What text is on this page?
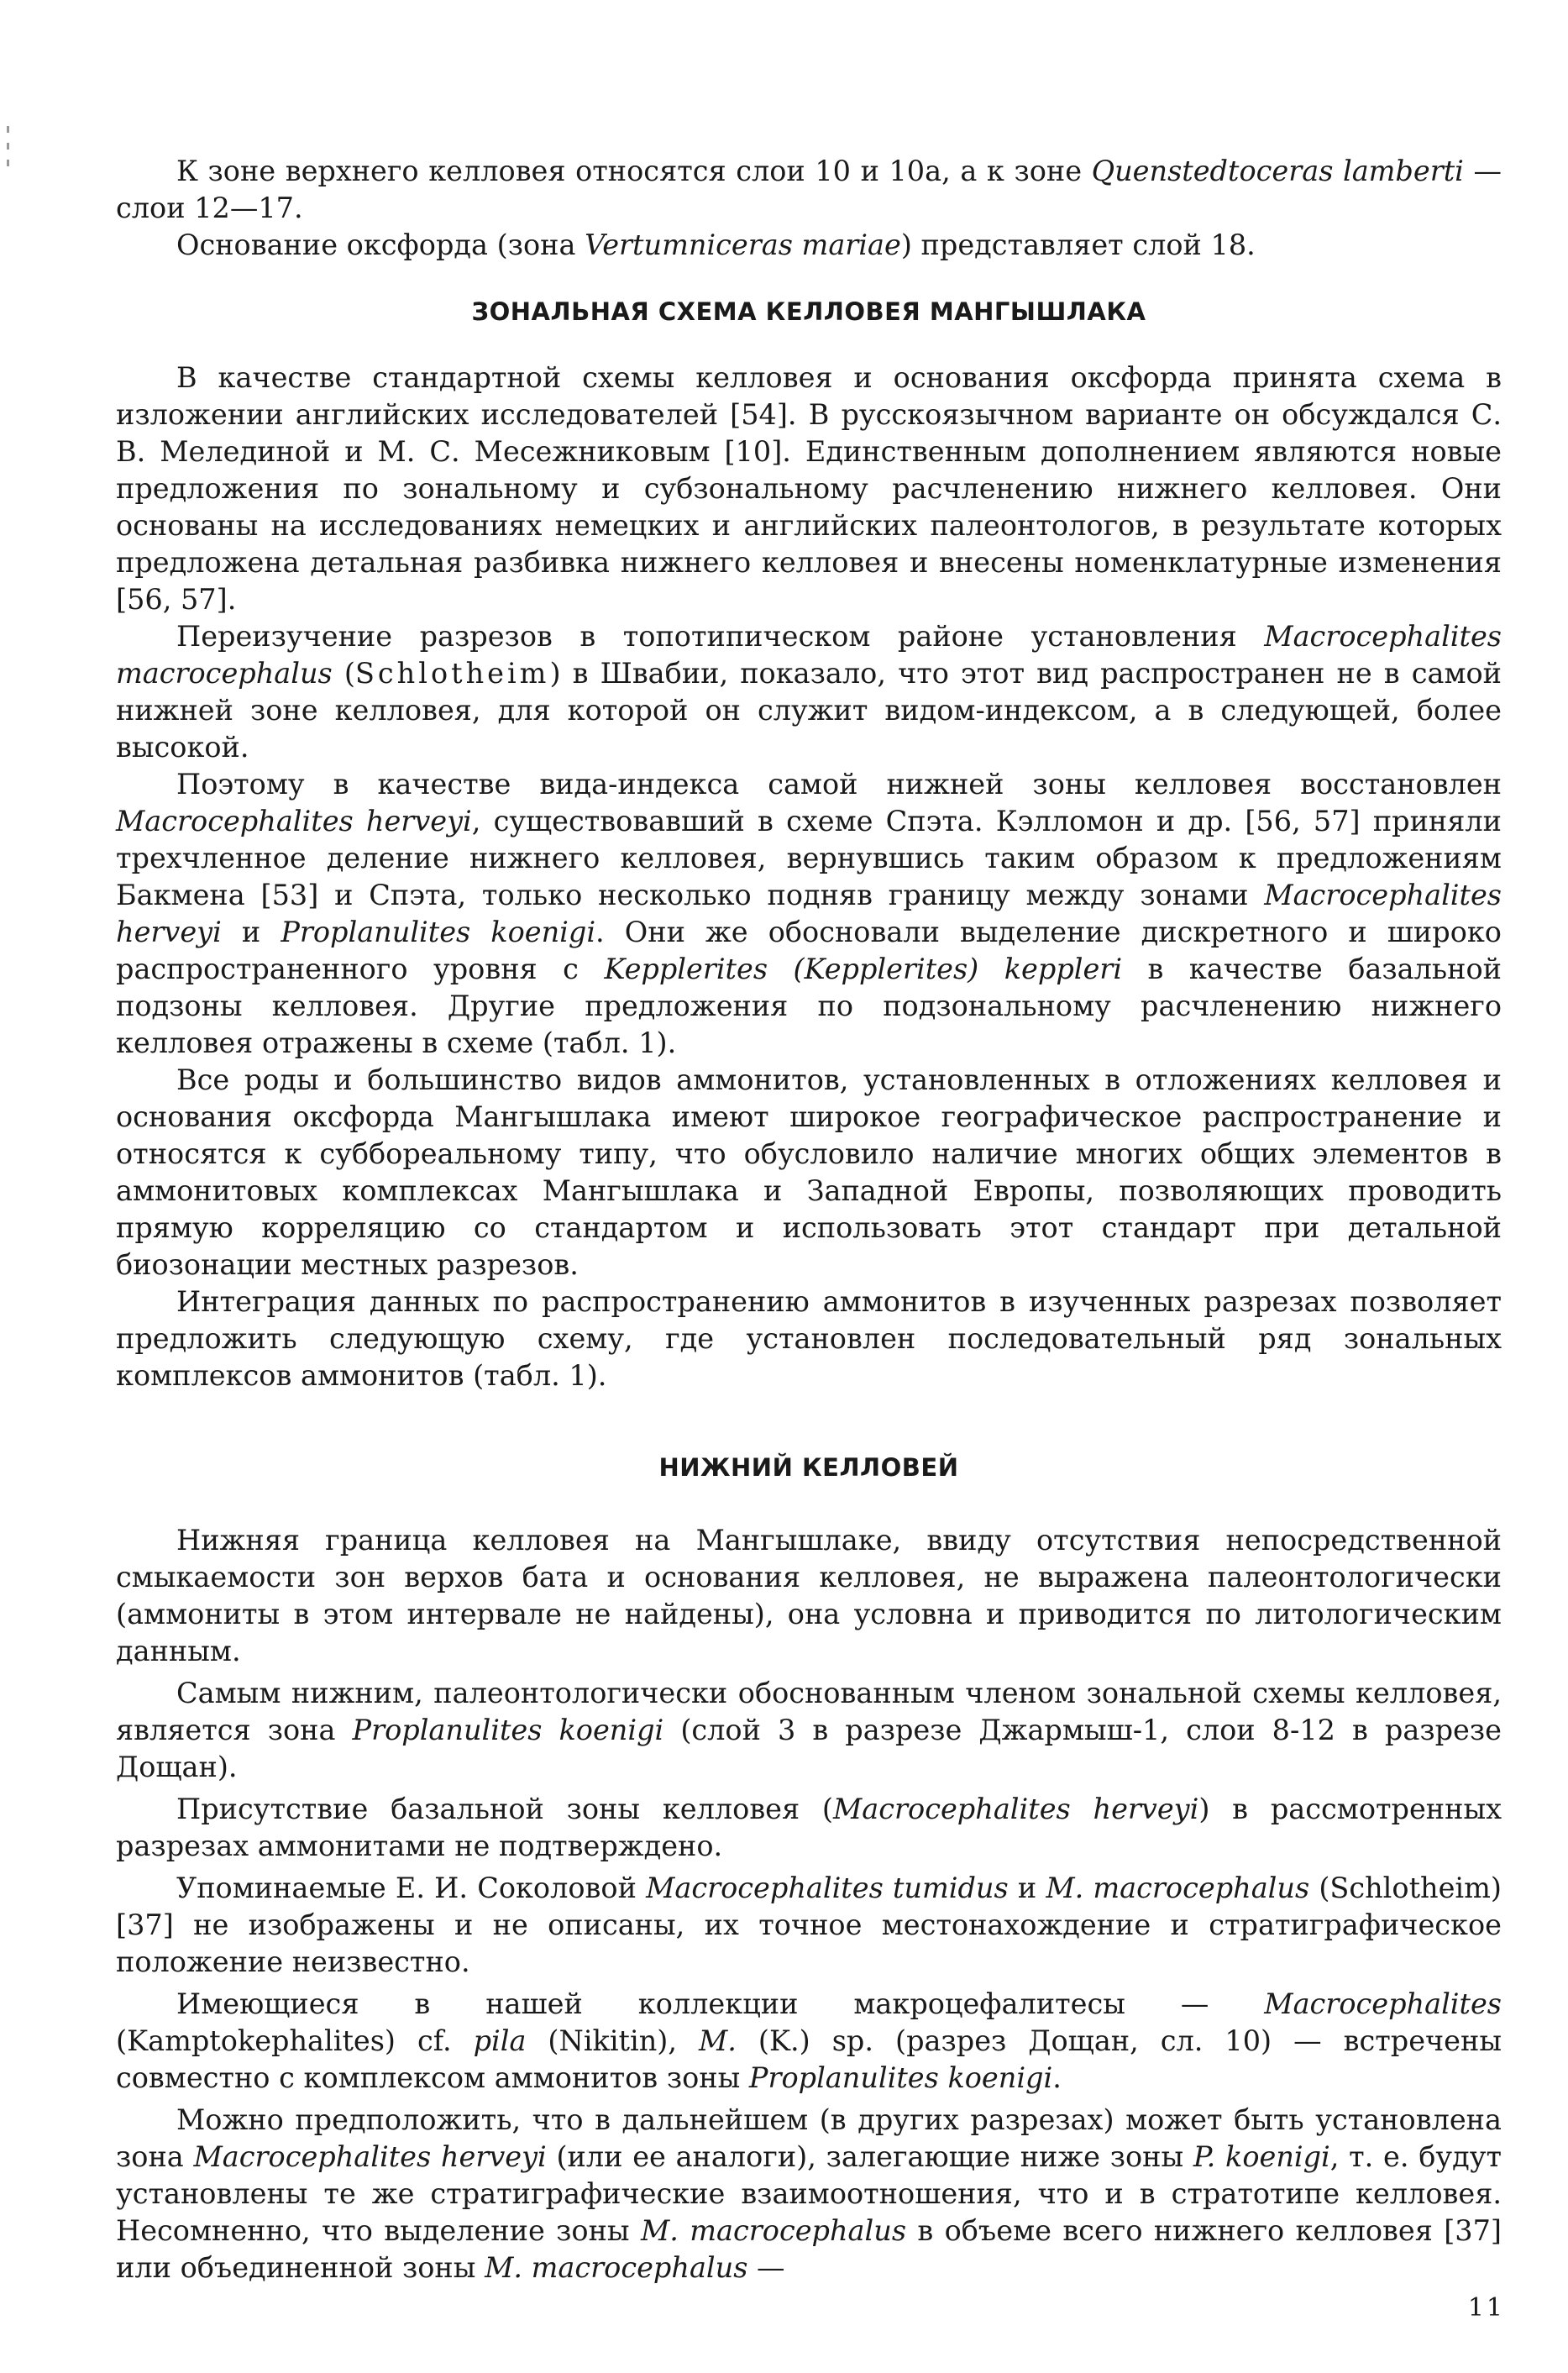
К зоне верхнего келловея относятся слои 10 и 10а, а к зоне Quenstedtoceras lamberti — слои 12—17.

Основание оксфорда (зона Vertumniceras mariae) представляет слой 18.

ЗОНАЛЬНАЯ СХЕМА КЕЛЛОВЕЯ МАНГЫШЛАКА

В качестве стандартной схемы келловея и основания оксфорда принята схема в изложении английских исследователей [54]. В русскоязычном варианте он обсуждался С. В. Мелединой и М. С. Месежниковым [10]. Единственным дополнением являются новые предложения по зональному и субзональному расчленению нижнего келловея. Они основаны на исследованиях немецких и английских палеонтологов, в результате которых предложена детальная разбивка нижнего келловея и внесены номенклатурные изменения [56, 57].

Переизучение разрезов в топотипическом районе установления Macrocephalites macrocephalus (Schlotheim) в Швабии, показало, что этот вид распространен не в самой нижней зоне келловея, для которой он служит видом-индексом, а в следующей, более высокой.

Поэтому в качестве вида-индекса самой нижней зоны келловея восстановлен Macrocephalites herveyi, существовавший в схеме Спэта. Кэлломон и др. [56, 57] приняли трехчленное деление нижнего келловея, вернувшись таким образом к предложениям Бакмена [53] и Спэта, только несколько подняв границу между зонами Macrocephalites herveyi и Proplanulites koenigi. Они же обосновали выделение дискретного и широко распространенного уровня с Kepplerites (Kepplerites) keppleri в качестве базальной подзоны келловея. Другие предложения по подзональному расчленению нижнего келловея отражены в схеме (табл. 1).

Все роды и большинство видов аммонитов, установленных в отложениях келловея и основания оксфорда Мангышлака имеют широкое географическое распространение и относятся к суббореальному типу, что обусловило наличие многих общих элементов в аммонитовых комплексах Мангышлака и Западной Европы, позволяющих проводить прямую корреляцию со стандартом и использовать этот стандарт при детальной биозонации местных разрезов.

Интеграция данных по распространению аммонитов в изученных разрезах позволяет предложить следующую схему, где установлен последовательный ряд зональных комплексов аммонитов (табл. 1).

НИЖНИЙ КЕЛЛОВЕЙ

Нижняя граница келловея на Мангышлаке, ввиду отсутствия непосредственной смыкаемости зон верхов бата и основания келловея, не выражена палеонтологически (аммониты в этом интервале не найдены), она условна и приводится по литологическим данным.

Самым нижним, палеонтологически обоснованным членом зональной схемы келловея, является зона Proplanulites koenigi (слой 3 в разрезе Джармыш-1, слои 8-12 в разрезе Дощан).

Присутствие базальной зоны келловея (Macrocephalites herveyi) в рассмотренных разрезах аммонитами не подтверждено.

Упоминаемые Е. И. Соколовой Macrocephalites tumidus и M. macrocephalus (Schlotheim) [37] не изображены и не описаны, их точное местонахождение и стратиграфическое положение неизвестно.

Имеющиеся в нашей коллекции макроцефалитесы — Macrocephalites (Kamptokephalites) cf. pila (Nikitin), M. (K.) sp. (разрез Дощан, сл. 10) — встречены совместно с комплексом аммонитов зоны Proplanulites koenigi.

Можно предположить, что в дальнейшем (в других разрезах) может быть установлена зона Macrocephalites herveyi (или ее аналоги), залегающие ниже зоны P. koenigi, т. е. будут установлены те же стратиграфические взаимоотношения, что и в стратотипе келловея. Несомненно, что выделение зоны M. macrocephalus в объеме всего нижнего келловея [37] или объединенной зоны M. macrocephalus —

11
